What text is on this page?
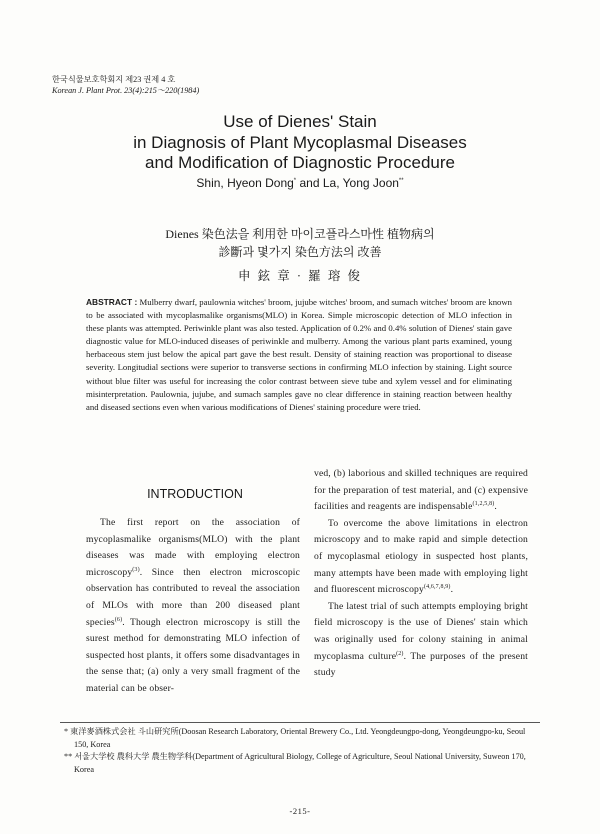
한국식물보호학회지 제23 권제 4 호
Korean J. Plant Prot. 23(4):215～220(1984)
Use of Dienes' Stain
in Diagnosis of Plant Mycoplasmal Diseases
and Modification of Diagnostic Procedure
Shin, Hyeon Dong* and La, Yong Joon**
Dienes 染色法을 利用한 마이코플라스마性 植物病의
診斷과 몇가지 染色方法의 改善
申 鉉 章 · 羅 瑢 俊
ABSTRACT : Mulberry dwarf, paulownia witches' broom, jujube witches' broom, and sumach witches' broom are known to be associated with mycoplasmalike organisms(MLO) in Korea. Simple microscopic detection of MLO infection in these plants was attempted. Periwinkle plant was also tested. Application of 0.2% and 0.4% solution of Dienes' stain gave diagnostic value for MLO-induced diseases of periwinkle and mulberry. Among the various plant parts examined, young herbaceous stem just below the apical part gave the best result. Density of staining reaction was proportional to disease severity. Longitudial sections were superior to transverse sections in confirming MLO infection by staining. Light source without blue filter was useful for increasing the color contrast between sieve tube and xylem vessel and for eliminating misinterpretation. Paulownia, jujube, and sumach samples gave no clear difference in staining reaction between healthy and diseased sections even when various modifications of Dienes' staining procedure were tried.
INTRODUCTION

The first report on the association of mycoplasmalike organisms(MLO) with the plant diseases was made with employing electron microscopy$^{(3)}$. Since then electron microscopic observation has contributed to reveal the association of MLOs with more than 200 diseased plant species$^{(6)}$. Though electron microscopy is still the surest method for demonstrating MLO infection of suspected host plants, it offers some disadvantages in the sense that; (a) only a very small fragment of the material can be obser-

ved, (b) laborious and skilled techniques are required for the preparation of test material, and (c) expensive facilities and reagents are indispensable$^{(1,2,5,8)}$.

To overcome the above limitations in electron microscopy and to make rapid and simple detection of mycoplasmal etiology in suspected host plants, many attempts have been made with employing light and fluorescent microscopy$^{(4,6,7,8,9)}$.

The latest trial of such attempts employing bright field microscopy is the use of Dienes' stain which was originally used for colony staining in animal mycoplasma culture$^{(2)}$. The purposes of the present study

* 東洋麥酒株式会社 斗山研究所(Doosan Research Laboratory, Oriental Brewery Co., Ltd. Yeongdeungpo-dong, Yeongdeungpo-ku, Seoul 150, Korea
** 서울大学校 農科大学 農生物学科(Department of Agricultural Biology, College of Agriculture, Seoul National University, Suweon 170, Korea
-215-
